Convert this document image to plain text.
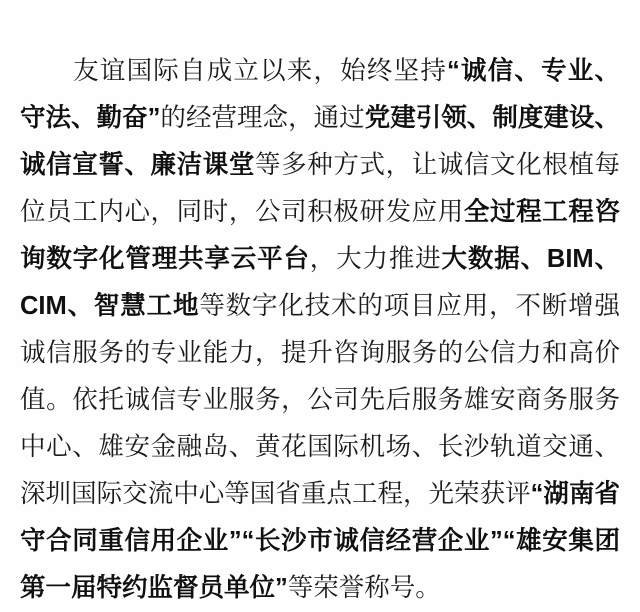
友谊国际自成立以来，始终坚持“诚信、专业、守法、勤奋”的经营理念，通过党建引领、制度建设、诚信宣誓、廉洁课堂等多种方式，让诚信文化根植每位员工内心，同时，公司积极研发应用全过程工程咨询数字化管理共享云平台，大力推进大数据、BIM、CIM、智慧工地等数字化技术的项目应用，不断增强诚信服务的专业能力，提升咨询服务的公信力和高价值。依托诚信专业服务，公司先后服务雄安商务服务中心、雄安金融岛、黄花国际机场、长沙轨道交通、深圳国际交流中心等国省重点工程，光荣获评“湖南省守合同重信用企业”“长沙市诚信经营企业”“雄安集团第一届特约监督员单位”等荣誉称号。
